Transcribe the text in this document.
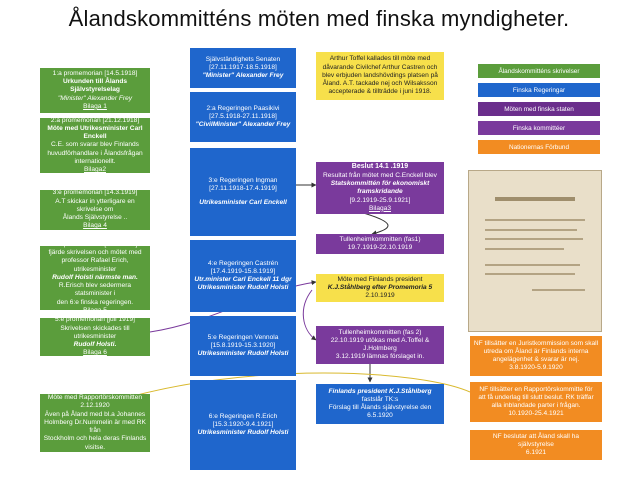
Ålandskommitténs möten med finska myndigheter.
1:a promemorian [14.5.1918]
Urkunden till Ålands Självstyrelselag
"Minister" Alexander Frey
Bilaga 1
2:a promemorian [21.12.1918]
Möte med Utrikesminister Carl Enckell
C.E. som svarar blev Finlands
huvudförhandlare i Ålandsfrågan
internationellt.
Bilaga2
3:e promemorian [14.3.1919]
A.T skickar in ytterligare en skrivelse om
Ålands Självstyrelse ..
Bilaga 4
4:e promemorian [10.5.1919]
fjärde skrivelsen och mötet med
professor Rafael Erich, utrikesminister
Rudolf Holsti närmste man.
R.Erisch blev sedermera statsminister i
den 6:e finska regeringen.
Bilaga 5
5:e promemorian [juli 1919]
Skrivelsen skickades till utrikesminister
Rudolf Holsti.
Bilaga 6
Möte med Rapportörskommitten
2.12.1920
Även på Åland med bl.a Johannes
Holmberg Dr.Nummelin är med RK från
Stockholm och hela deras Finlands
visitse.
Självständighets Senaten
[27.11.1917-18.5.1918]
"Minister" Alexander Frey
2:a Regeringen Paasikivi
[27.5.1918-27.11.1918]
"CivilMinister" Alexander Frey
3:e Regeringen Ingman
[27.11.1918-17.4.1919]
Utrikesminister Carl Enckell
4:e Regeringen Castrén
[17.4.1919-15.8.1919]
Utr.minister Carl Enckell 11 dgr
Utrikesminister Rudolf Holsti
5:e Regeringen Vennola
[15.8.1919-15.3.1920]
Utrikesminister Rudolf Holsti
6:e Regeringen R.Erich
[15.3.1920-9.4.1921]
Utrikesminister Rudolf Holsti
Arthur Toffel kallades till möte med
dåvarande Civilchef Arthur Castren och
blev erbjuden landshövdings platsen på
Åland. A.T. tackade nej och Wilsaksson
accepterade & tillträdde i juni 1918.
Beslut 14.1 .1919
Resultat från mötet med C.Enckell blev
Statskommittén för ekonomiskt
framskridande
[9.2.1919-25.9.1921]
Bilaga3
Tullenheimkommitten (fas1)
19.7.1919-22.10.1919
Möte med Finlands president
K.J.Ståhlberg efter Promemoria 5
2.10.1919
Tullenheimkommitten (fas 2)
22.10.1919 utökas med A.Toffel &
J.Holmberg
3.12.1919 lämnas förslaget in.
Finlands president K.J.Ståhlberg
fastslår TK:s
Förslag till Ålands självstyrelse den
6.5.1920
Ålandskommitténs skrivelser
Finska Regeringar
Möten med finska staten
Finska kommittéer
Nationernas Förbund
NF tillsätter en Juristkommission som skall
utreda om Åland är Finlands interna
angelägenhet & svarar är nej.
3.8.1920-5.9.1920
NF tillsätter en Rapportörskommitte för
att få underlag till slutt beslut. RK träffar
alla inblandade parter i frågan.
10.1920-25.4.1921
NF beslutar att Åland skall ha
självstyrelse
6.1921
